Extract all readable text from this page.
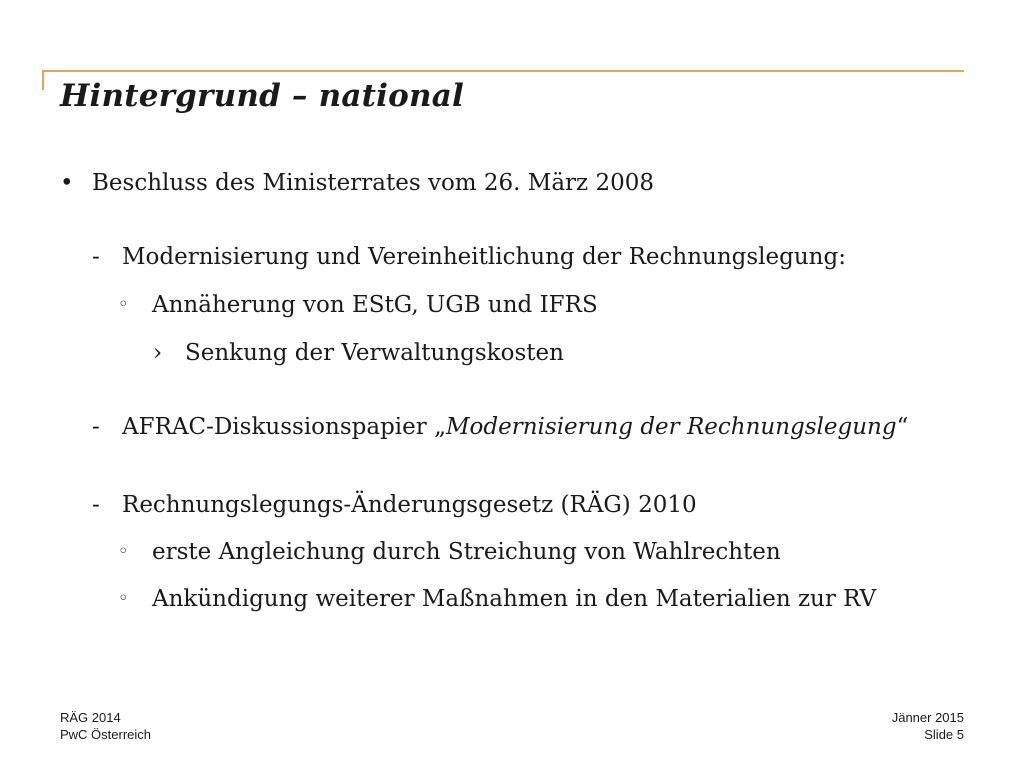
Hintergrund – national
• Beschluss des Ministerrates vom 26. März 2008
- Modernisierung und Vereinheitlichung der Rechnungslegung:
◦ Annäherung von EStG, UGB und IFRS
› Senkung der Verwaltungskosten
- AFRAC-Diskussionspapier „Modernisierung der Rechnungslegung“
- Rechnungslegungs-Änderungsgesetz (RÄG) 2010
◦ erste Angleichung durch Streichung von Wahlrechten
◦ Ankündigung weiterer Maßnahmen in den Materialien zur RV
RÄG 2014
PwC Österreich
Jänner 2015
Slide 5
